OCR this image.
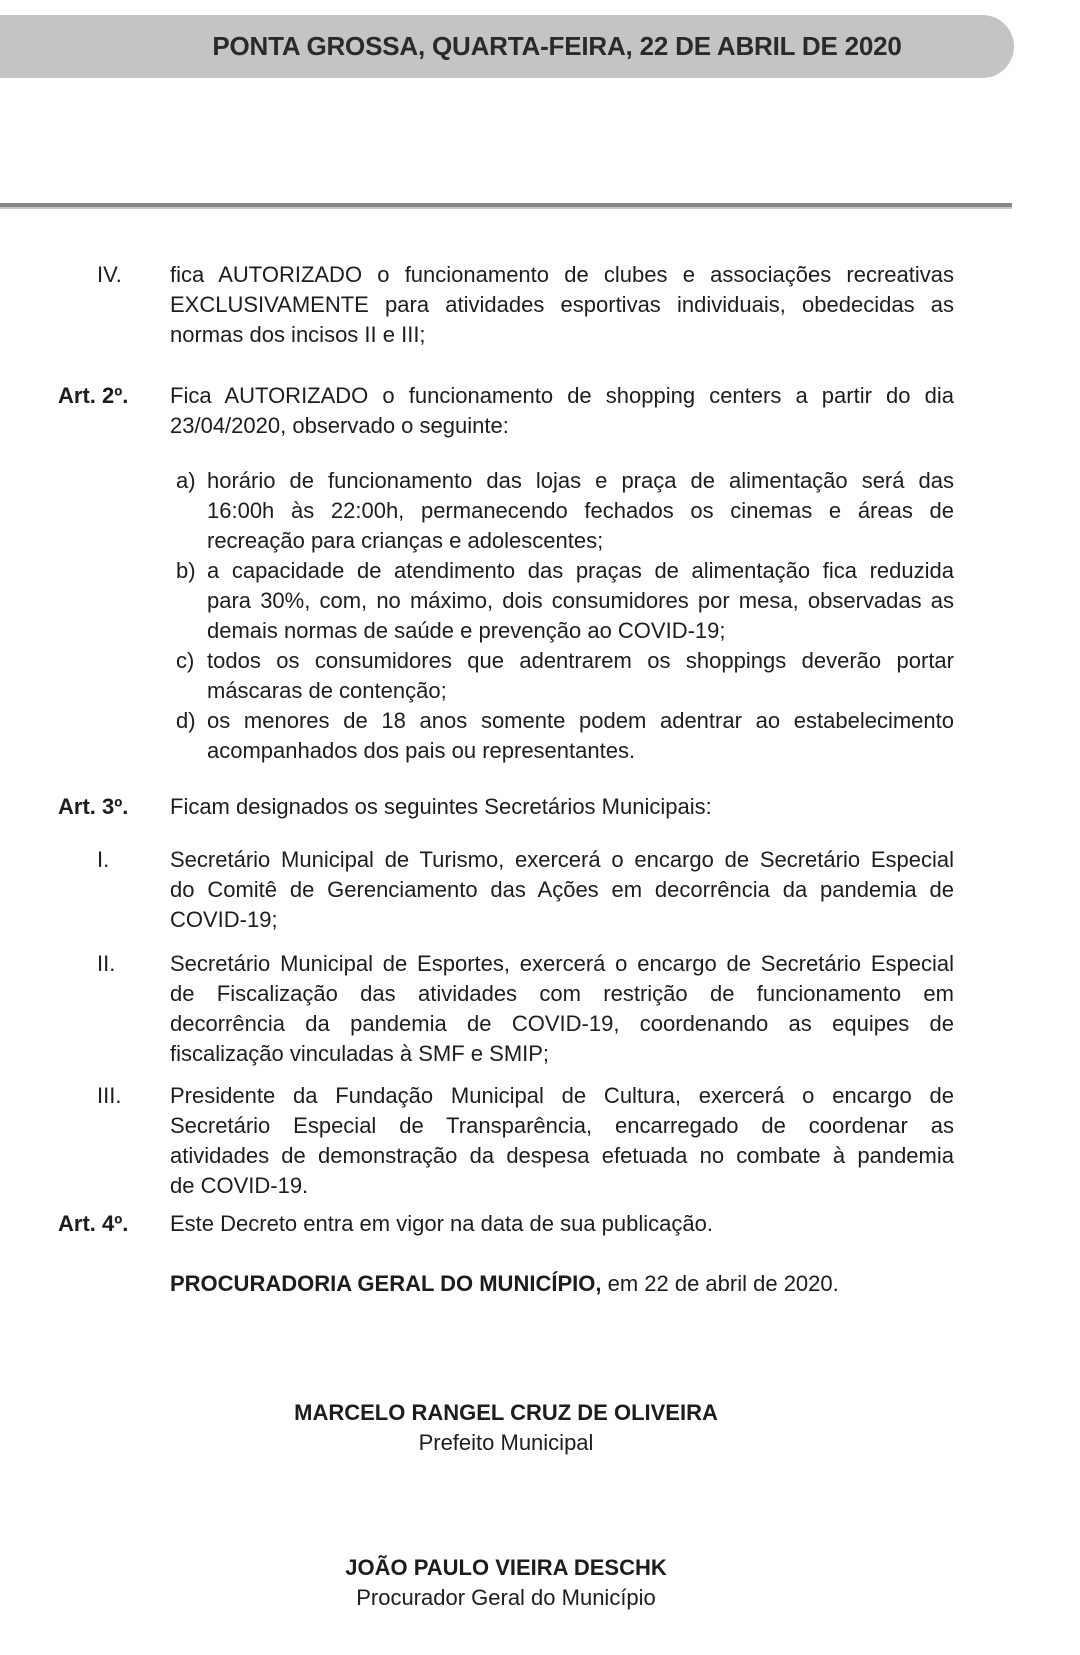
PONTA GROSSA, QUARTA-FEIRA, 22 DE ABRIL DE 2020
IV. fica AUTORIZADO o funcionamento de clubes e associações recreativas
EXCLUSIVAMENTE para atividades esportivas individuais, obedecidas as
normas dos incisos II e III;
Art. 2º. Fica AUTORIZADO o funcionamento de shopping centers a partir do dia
23/04/2020, observado o seguinte:
a) horário de funcionamento das lojas e praça de alimentação será das
16:00h às 22:00h, permanecendo fechados os cinemas e áreas de
recreação para crianças e adolescentes;
b) a capacidade de atendimento das praças de alimentação fica reduzida
para 30%, com, no máximo, dois consumidores por mesa, observadas as
demais normas de saúde e prevenção ao COVID-19;
c) todos os consumidores que adentrarem os shoppings deverão portar
máscaras de contenção;
d) os menores de 18 anos somente podem adentrar ao estabelecimento
acompanhados dos pais ou representantes.
Art. 3º. Ficam designados os seguintes Secretários Municipais:
I.	Secretário Municipal de Turismo, exercerá o encargo de Secretário Especial
do Comitê de Gerenciamento das Ações em decorrência da pandemia de
COVID-19;
II. Secretário Municipal de Esportes, exercerá o encargo de Secretário Especial
de Fiscalização das atividades com restrição de funcionamento em
decorrência da pandemia de COVID-19, coordenando as equipes de
fiscalização vinculadas à SMF e SMIP;
III. Presidente da Fundação Municipal de Cultura, exercerá o encargo de
Secretário Especial de Transparência, encarregado de coordenar as
atividades de demonstração da despesa efetuada no combate à pandemia
de COVID-19.
Art. 4º. Este Decreto entra em vigor na data de sua publicação.
PROCURADORIA GERAL DO MUNICÍPIO, em 22 de abril de 2020.
MARCELO RANGEL CRUZ DE OLIVEIRA
Prefeito Municipal
JOÃO PAULO VIEIRA DESCHK
Procurador Geral do Município
